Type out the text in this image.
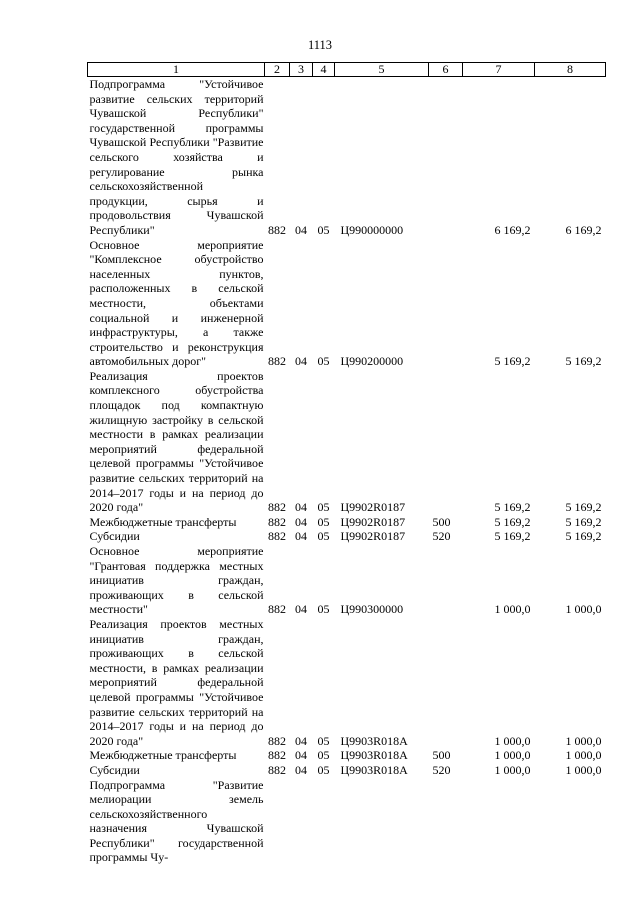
1113
1	2	3	4	5	6	7	8
Подпрограмма "Устойчивое развитие сельских территорий Чувашской Республики" государственной программы Чувашской Республики "Развитие сельского хозяйства и регулирование рынка сельскохозяйственной продукции, сырья и продовольствия Чувашской Республики"	882	04	05	Ц990000000		6 169,2	6 169,2
Основное мероприятие "Комплексное обустройство населенных пунктов, расположенных в сельской местности, объектами социальной и инженерной инфраструктуры, а также строительство и реконструкция автомобильных дорог"	882	04	05	Ц990200000		5 169,2	5 169,2
Реализация проектов комплексного обустройства площадок под компактную жилищную застройку в сельской местности в рамках реализации мероприятий федеральной целевой программы "Устойчивое развитие сельских территорий на 2014–2017 годы и на период до 2020 года"	882	04	05	Ц9902R0187		5 169,2	5 169,2
Межбюджетные трансферты	882	04	05	Ц9902R0187	500	5 169,2	5 169,2
Субсидии	882	04	05	Ц9902R0187	520	5 169,2	5 169,2
Основное мероприятие "Грантовая поддержка местных инициатив граждан, проживающих в сельской местности"	882	04	05	Ц990300000		1 000,0	1 000,0
Реализация проектов местных инициатив граждан, проживающих в сельской местности, в рамках реализации мероприятий федеральной целевой программы "Устойчивое развитие сельских территорий на 2014–2017 годы и на период до 2020 года"	882	04	05	Ц9903R018A		1 000,0	1 000,0
Межбюджетные трансферты	882	04	05	Ц9903R018A	500	1 000,0	1 000,0
Субсидии	882	04	05	Ц9903R018A	520	1 000,0	1 000,0
Подпрограмма "Развитие мелиорации земель сельскохозяйственного назначения Чувашской Республики" государственной программы Чу-							
